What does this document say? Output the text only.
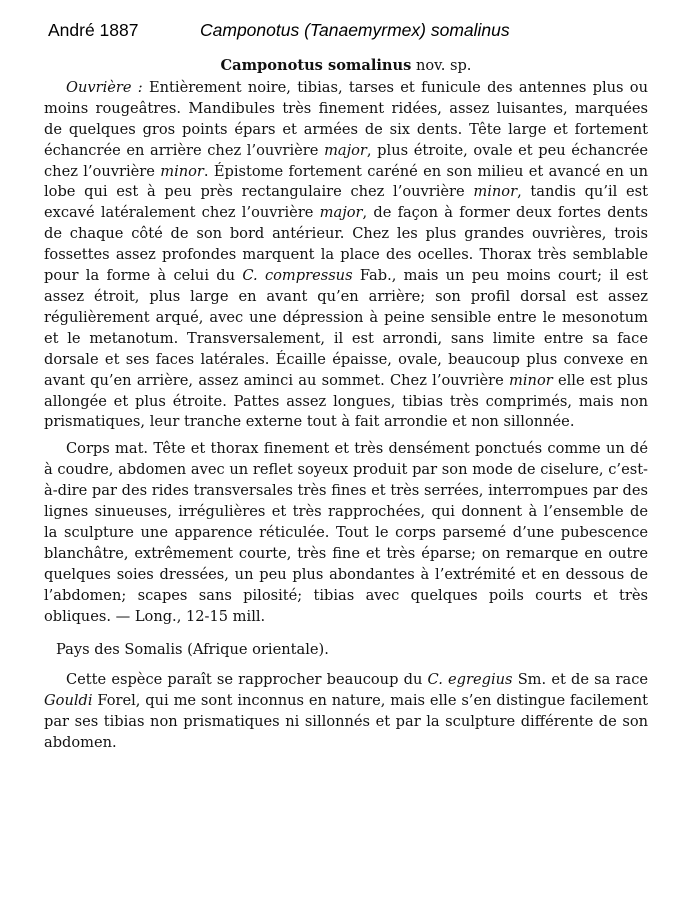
André 1887	Camponotus (Tanaemyrmex) somalinus
Camponotus somalinus nov. sp.

Ouvrière : Entièrement noire, tibias, tarses et funicule des antennes plus ou moins rougeâtres. Mandibules très finement ridées, assez luisantes, marquées de quelques gros points épars et armées de six dents. Tête large et fortement échancrée en arrière chez l’ouvrière major, plus étroite, ovale et peu échancrée chez l’ouvrière minor. Épistome fortement caréné en son milieu et avancé en un lobe qui est à peu près rectangulaire chez l’ouvrière minor, tandis qu’il est excavé latéralement chez l’ouvrière major, de façon à former deux fortes dents de chaque côté de son bord antérieur. Chez les plus grandes ouvrières, trois fossettes assez profondes marquent la place des ocelles. Thorax très semblable pour la forme à celui du C. compressus Fab., mais un peu moins court; il est assez étroit, plus large en avant qu’en arrière; son profil dorsal est assez régulièrement arqué, avec une dépression à peine sensible entre le mesonotum et le metanotum. Transversalement, il est arrondi, sans limite entre sa face dorsale et ses faces latérales. Écaille épaisse, ovale, beaucoup plus convexe en avant qu’en arrière, assez aminci au sommet. Chez l’ouvrière minor elle est plus allongée et plus étroite. Pattes assez longues, tibias très comprimés, mais non prismatiques, leur tranche externe tout à fait arrondie et non sillonnée.

Corps mat. Tête et thorax finement et très densément ponctués comme un dé à coudre, abdomen avec un reflet soyeux produit par son mode de ciselure, c’est-à-dire par des rides transversales très fines et très serrées, interrompues par des lignes sinueuses, irrégulières et très rapprochées, qui donnent à l’ensemble de la sculpture une apparence réticulée. Tout le corps parsemé d’une pubescence blanchâtre, extrêmement courte, très fine et très éparse; on remarque en outre quelques soies dressées, un peu plus abondantes à l’extrémité et en dessous de l’abdomen; scapes sans pilosité; tibias avec quelques poils courts et très obliques. — Long., 12-15 mill.

Pays des Somalis (Afrique orientale).

Cette espèce paraît se rapprocher beaucoup du C. egregius Sm. et de sa race Gouldi Forel, qui me sont inconnus en nature, mais elle s’en distingue facilement par ses tibias non prismatiques ni sillonnés et par la sculpture différente de son abdomen.
